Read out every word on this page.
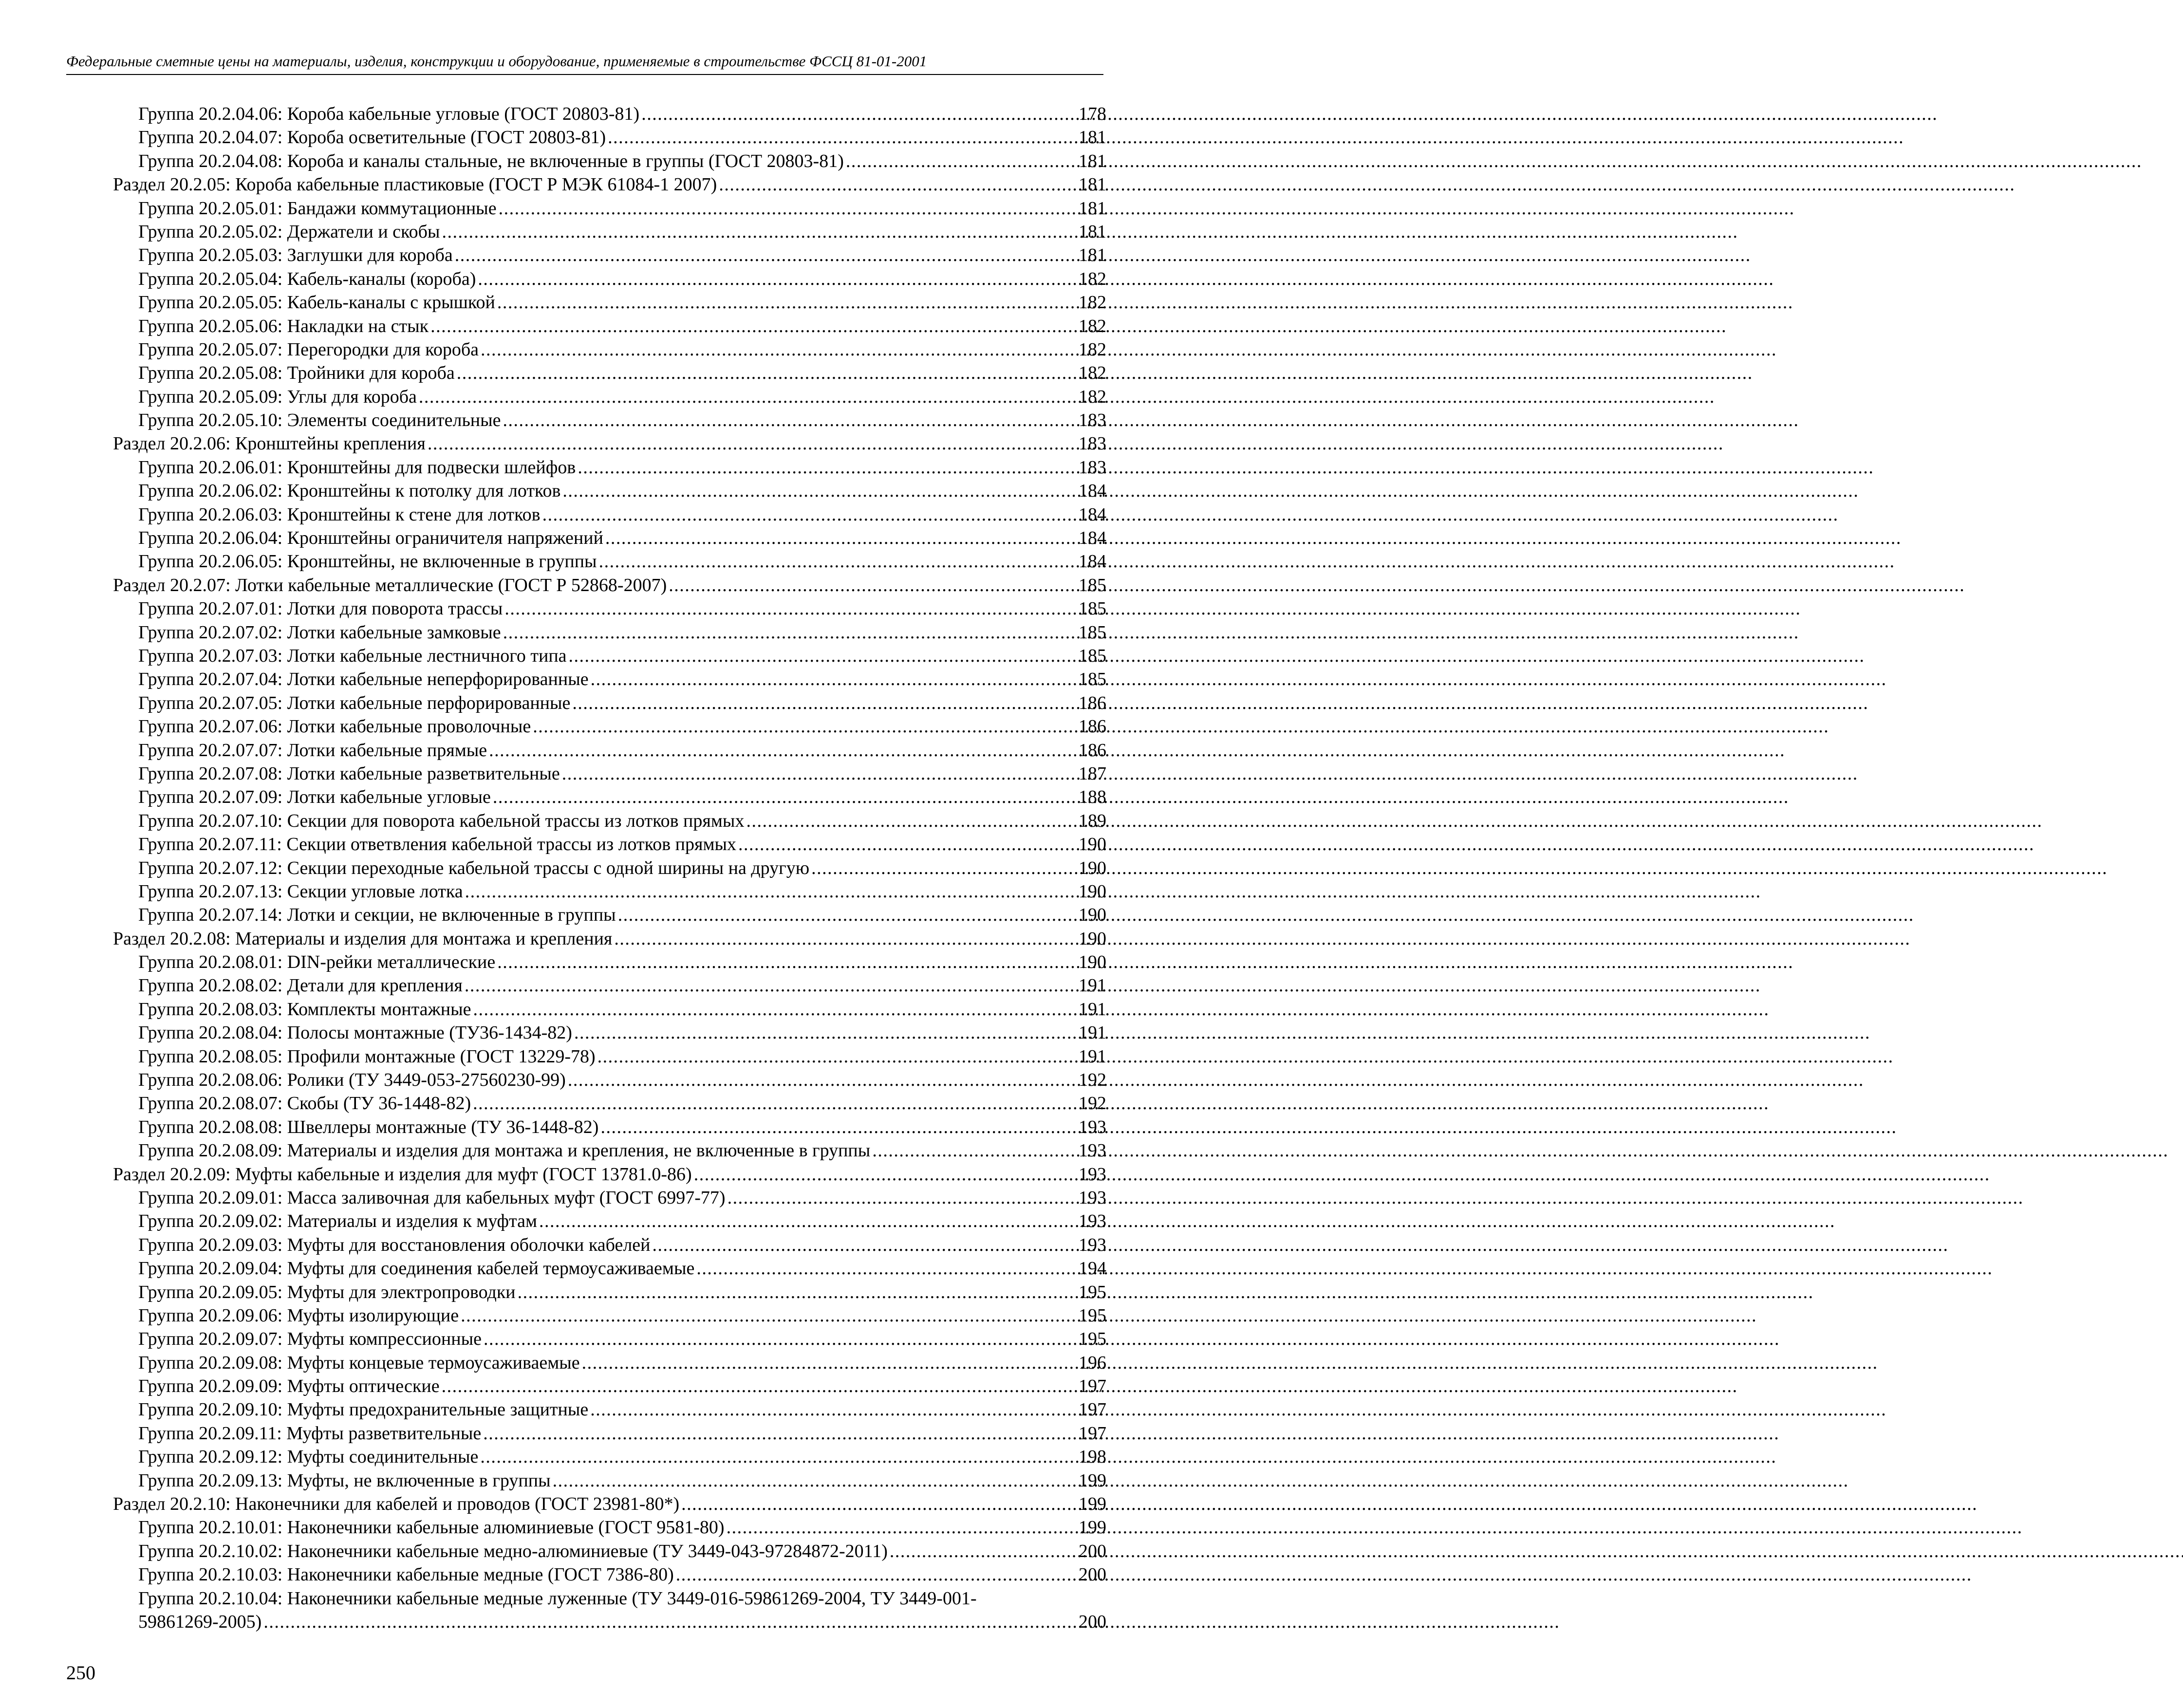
Федеральные сметные цены на материалы, изделия, конструкции и оборудование, применяемые в строительстве ФССЦ 81-01-2001
Группа 20.2.04.06: Короба кабельные угловые (ГОСТ 20803-81) . . .	178
Группа 20.2.04.07: Короба осветительные (ГОСТ 20803-81) . . .	181
Группа 20.2.04.08: Короба и каналы стальные, не включенные в группы (ГОСТ 20803-81) . . .	181
Раздел 20.2.05: Короба кабельные пластиковые (ГОСТ Р МЭК 61084-1 2007) . . .	181
Группа 20.2.05.01: Бандажи коммутационные . . .	181
Группа 20.2.05.02: Держатели и скобы . . .	181
Группа 20.2.05.03: Заглушки для короба . . .	181
Группа 20.2.05.04: Кабель-каналы (короба) . . .	182
Группа 20.2.05.05: Кабель-каналы с крышкой . . .	182
Группа 20.2.05.06: Накладки на стык . . .	182
Группа 20.2.05.07: Перегородки для короба . . .	182
Группа 20.2.05.08: Тройники для короба . . .	182
Группа 20.2.05.09: Углы для короба . . .	182
Группа 20.2.05.10: Элементы соединительные . . .	183
Раздел 20.2.06: Кронштейны крепления . . .	183
Группа 20.2.06.01: Кронштейны для подвески шлейфов . . .	183
Группа 20.2.06.02: Кронштейны к потолку для лотков . . .	184
Группа 20.2.06.03: Кронштейны к стене для лотков . . .	184
Группа 20.2.06.04: Кронштейны ограничителя напряжений . . .	184
Группа 20.2.06.05: Кронштейны, не включенные в группы . . .	184
Раздел 20.2.07: Лотки кабельные металлические (ГОСТ Р 52868-2007) . . .	185
Группа 20.2.07.01: Лотки для поворота трассы . . .	185
Группа 20.2.07.02: Лотки кабельные замковые . . .	185
Группа 20.2.07.03: Лотки кабельные лестничного типа . . .	185
Группа 20.2.07.04: Лотки кабельные неперфорированные . . .	185
Группа 20.2.07.05: Лотки кабельные перфорированные . . .	186
Группа 20.2.07.06: Лотки кабельные проволочные . . .	186
Группа 20.2.07.07: Лотки кабельные прямые . . .	186
Группа 20.2.07.08: Лотки кабельные разветвительные . . .	187
Группа 20.2.07.09: Лотки кабельные угловые . . .	188
Группа 20.2.07.10: Секции для поворота кабельной трассы из лотков прямых . . .	189
Группа 20.2.07.11: Секции ответвления кабельной трассы из лотков прямых . . .	190
Группа 20.2.07.12: Секции переходные кабельной трассы с одной ширины на другую . . .	190
Группа 20.2.07.13: Секции угловые лотка . . .	190
Группа 20.2.07.14: Лотки и секции, не включенные в группы . . .	190
Раздел 20.2.08: Материалы и изделия для монтажа и крепления . . .	190
Группа 20.2.08.01: DIN-рейки металлические . . .	190
Группа 20.2.08.02: Детали для крепления . . .	191
Группа 20.2.08.03: Комплекты монтажные . . .	191
Группа 20.2.08.04: Полосы монтажные (ТУ36-1434-82) . . .	191
Группа 20.2.08.05: Профили монтажные (ГОСТ 13229-78) . . .	191
Группа 20.2.08.06: Ролики (ТУ 3449-053-27560230-99) . . .	192
Группа 20.2.08.07: Скобы (ТУ 36-1448-82) . . .	192
Группа 20.2.08.08: Швеллеры монтажные (ТУ 36-1448-82) . . .	193
Группа 20.2.08.09: Материалы и изделия для монтажа и крепления, не включенные в группы . . .	193
Раздел 20.2.09: Муфты кабельные и изделия для муфт (ГОСТ 13781.0-86) . . .	193
Группа 20.2.09.01: Масса заливочная для кабельных муфт (ГОСТ 6997-77) . . .	193
Группа 20.2.09.02: Материалы и изделия к муфтам . . .	193
Группа 20.2.09.03: Муфты для восстановления оболочки кабелей . . .	193
Группа 20.2.09.04: Муфты для соединения кабелей термоусаживаемые . . .	194
Группа 20.2.09.05: Муфты для электропроводки . . .	195
Группа 20.2.09.06: Муфты изолирующие . . .	195
Группа 20.2.09.07: Муфты компрессионные . . .	195
Группа 20.2.09.08: Муфты концевые термоусаживаемые . . .	196
Группа 20.2.09.09: Муфты оптические . . .	197
Группа 20.2.09.10: Муфты предохранительные защитные . . .	197
Группа 20.2.09.11: Муфты разветвительные . . .	197
Группа 20.2.09.12: Муфты соединительные . . .	198
Группа 20.2.09.13: Муфты, не включенные в группы . . .	199
Раздел 20.2.10: Наконечники для кабелей и проводов (ГОСТ 23981-80*) . . .	199
Группа 20.2.10.01: Наконечники кабельные алюминиевые (ГОСТ 9581-80) . . .	199
Группа 20.2.10.02: Наконечники кабельные медно-алюминиевые (ТУ 3449-043-97284872-2011) . . .	200
Группа 20.2.10.03: Наконечники кабельные медные (ГОСТ 7386-80) . . .	200
Группа 20.2.10.04: Наконечники кабельные медные луженные (ТУ 3449-016-59861269-2004, ТУ 3449-001-
59861269-2005) . . .	200
250
